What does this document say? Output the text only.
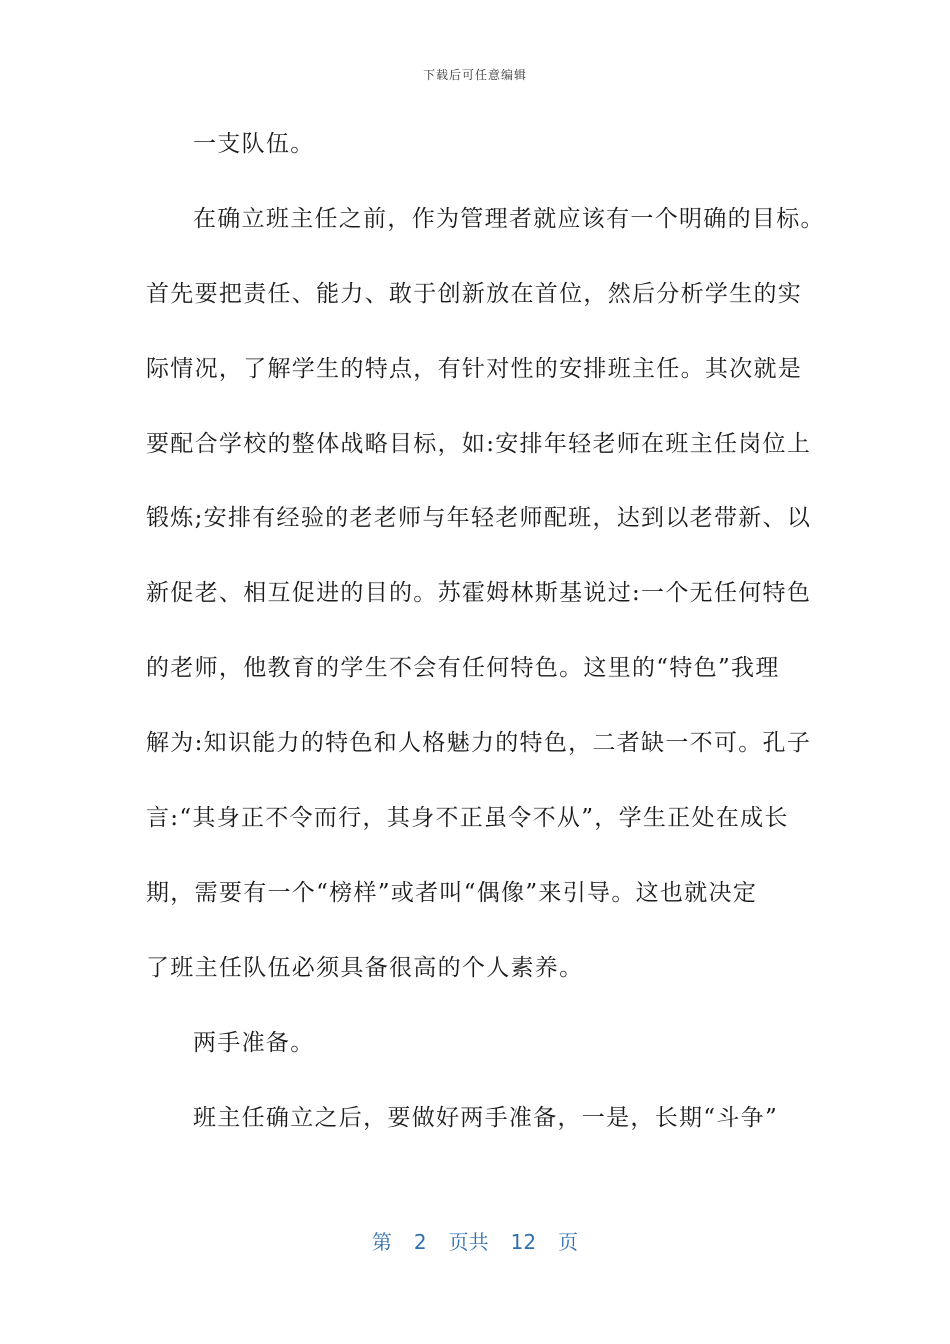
下载后可任意编辑
一支队伍。
在确立班主任之前，作为管理者就应该有一个明确的目标。
首先要把责任、能力、敢于创新放在首位，然后分析学生的实
际情况，了解学生的特点，有针对性的安排班主任。其次就是
要配合学校的整体战略目标，如:安排年轻老师在班主任岗位上
锻炼;安排有经验的老老师与年轻老师配班，达到以老带新、以
新促老、相互促进的目的。苏霍姆林斯基说过:一个无任何特色
的老师，他教育的学生不会有任何特色。这里的“特色”我理
解为:知识能力的特色和人格魅力的特色，二者缺一不可。孔子
言:“其身正不令而行，其身不正虽令不从”，学生正处在成长
期，需要有一个“榜样”或者叫“偶像”来引导。这也就决定
了班主任队伍必须具备很高的个人素养。
两手准备。
班主任确立之后，要做好两手准备，一是，长期“斗争”
第 2 页共 12 页
